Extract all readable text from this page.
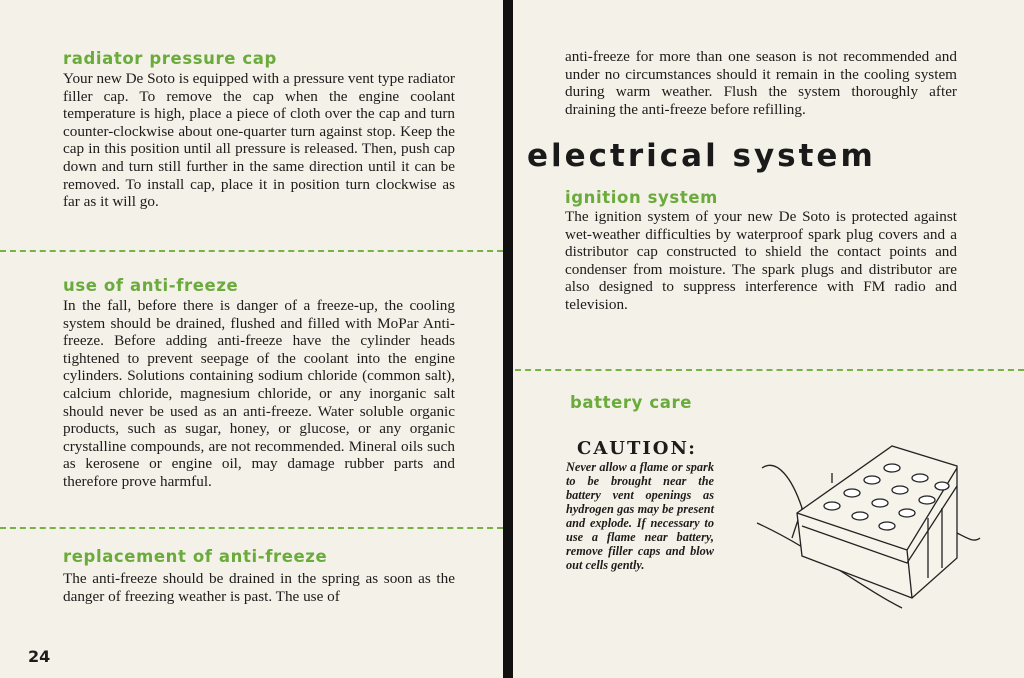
radiator pressure cap
Your new De Soto is equipped with a pressure vent type radiator filler cap. To remove the cap when the engine coolant temperature is high, place a piece of cloth over the cap and turn counter-clockwise about one-quarter turn against stop. Keep the cap in this position until all pressure is released. Then, push cap down and turn still further in the same direction until it can be removed. To install cap, place it in position turn clockwise as far as it will go.
use of anti-freeze
In the fall, before there is danger of a freeze-up, the cooling system should be drained, flushed and filled with MoPar Anti-freeze. Before adding anti-freeze have the cylinder heads tightened to prevent seepage of the coolant into the engine cylinders. Solutions containing sodium chloride (common salt), calcium chloride, magnesium chloride, or any inorganic salt should never be used as an anti-freeze. Water soluble organic products, such as sugar, honey, or glucose, or any organic crystalline compounds, are not recommended. Mineral oils such as kerosene or engine oil, may damage rubber parts and therefore prove harmful.
replacement of anti-freeze
The anti-freeze should be drained in the spring as soon as the danger of freezing weather is past. The use of
24
anti-freeze for more than one season is not recommended and under no circumstances should it remain in the cooling system during warm weather. Flush the system thoroughly after draining the anti-freeze before refilling.
electrical system
ignition system
The ignition system of your new De Soto is protected against wet-weather difficulties by waterproof spark plug covers and a distributor cap constructed to shield the contact points and condenser from moisture. The spark plugs and distributor are also designed to suppress interference with FM radio and television.
battery care
CAUTION:
Never allow a flame or spark to be brought near the battery vent openings as hydrogen gas may be present and explode. If necessary to use a flame near battery, remove filler caps and blow out cells gently.
